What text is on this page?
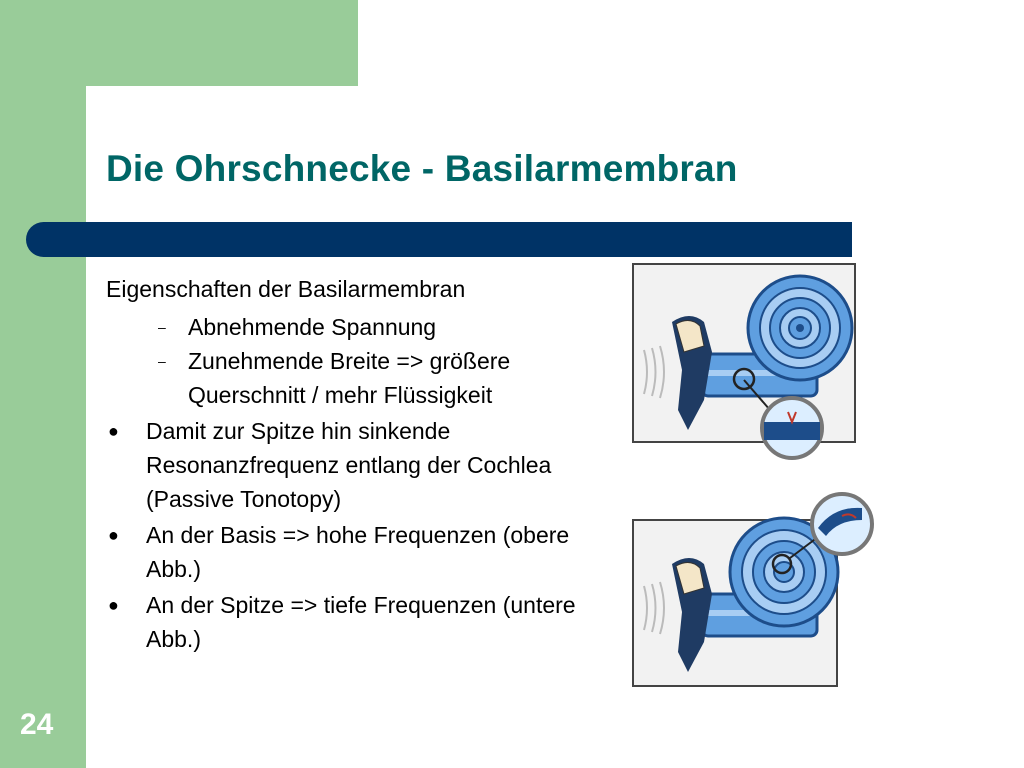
Die Ohrschnecke - Basilarmembran
24
Eigenschaften der Basilarmembran
– Abnehmende Spannung
– Zunehmende Breite => größere Querschnitt / mehr Flüssigkeit
●	Damit zur Spitze hin sinkende Resonanzfrequenz entlang der Cochlea (Passive Tonotopy)
●	An der Basis => hohe Frequenzen (obere Abb.)
●	An der Spitze => tiefe Frequenzen (untere Abb.)
